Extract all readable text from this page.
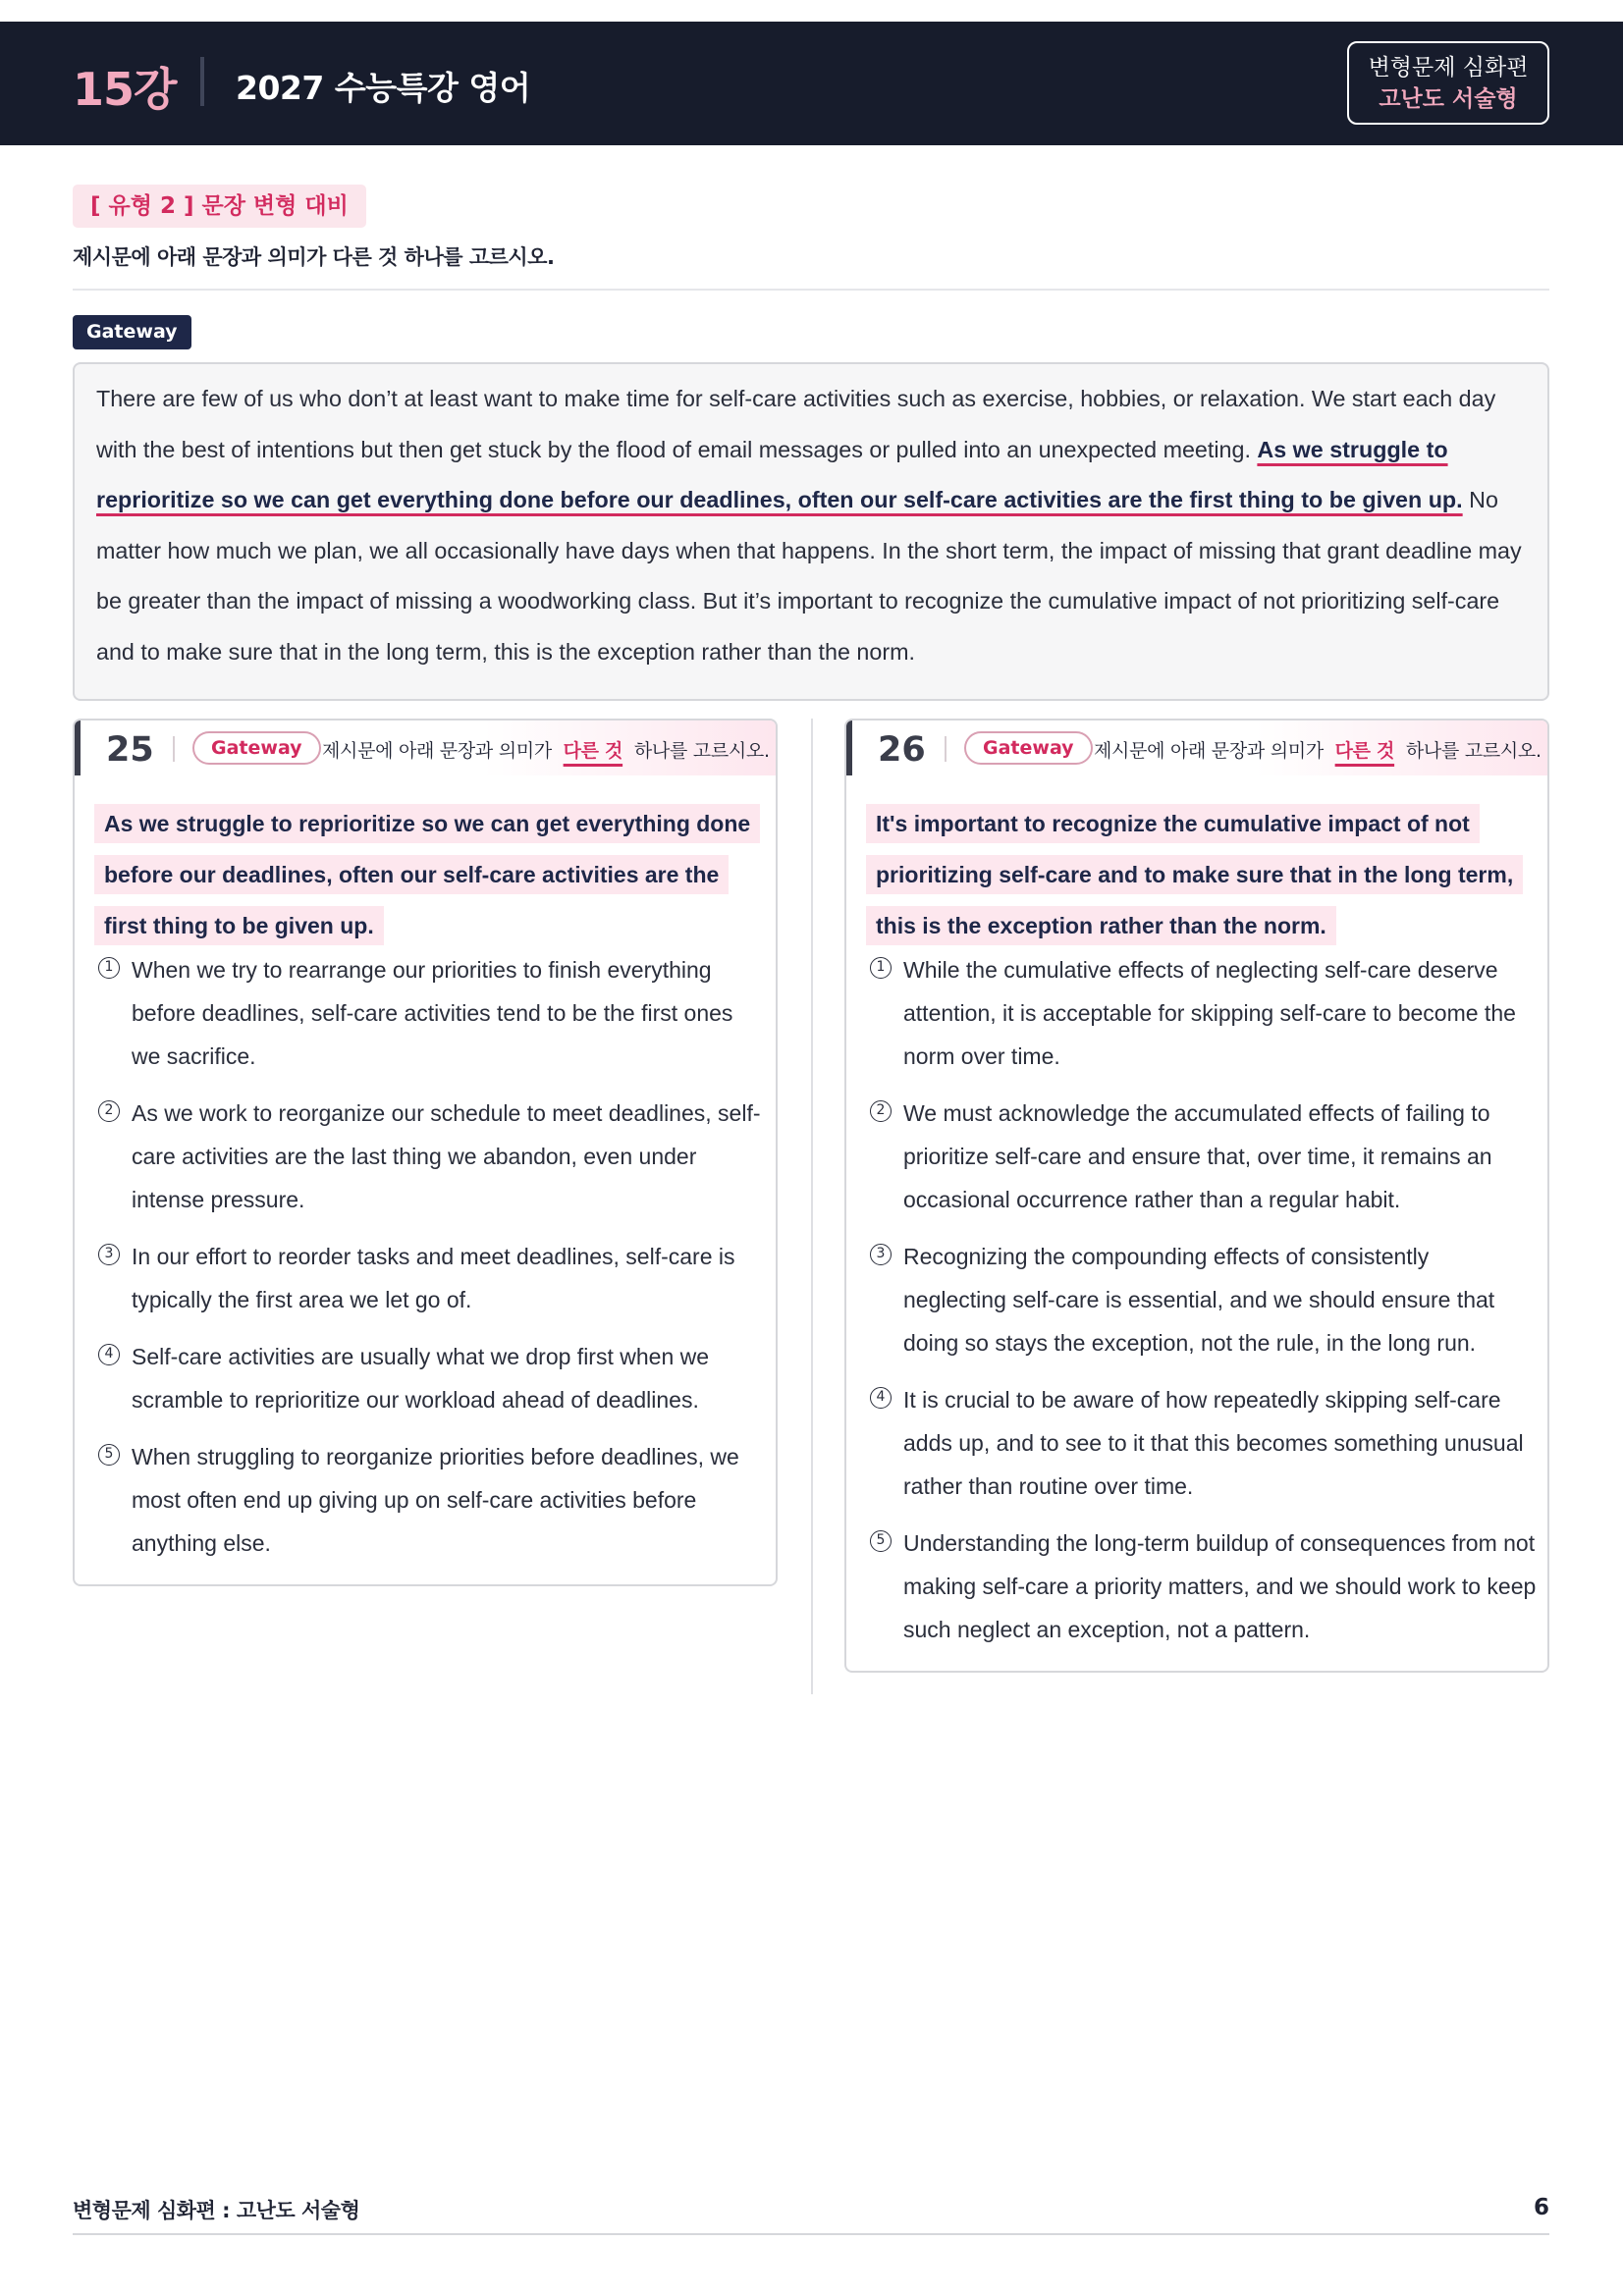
15강 2027 수능특강 영어
변형문제 심화편
고난도 서술형
[ 유형 2 ] 문장 변형 대비
제시문에 아래 문장과 의미가 다른 것 하나를 고르시오.
Gateway

There are few of us who don’t at least want to make time for self-care activities such as exercise, hobbies, or relaxation. We start each day with the best of intentions but then get stuck by the flood of email messages or pulled into an unexpected meeting. As we struggle to reprioritize so we can get everything done before our deadlines, often our self-care activities are the first thing to be given up. No matter how much we plan, we all occasionally have days when that happens. In the short term, the impact of missing that grant deadline may be greater than the impact of missing a woodworking class. But it’s important to recognize the cumulative impact of not prioritizing self-care and to make sure that in the long term, this is the exception rather than the norm.

25	Gateway	제시문에 아래 문장과 의미가 다른 것 하나를 고르시오.
As we struggle to reprioritize so we can get everything done before our deadlines, often our self-care activities are the first thing to be given up.
1 When we try to rearrange our priorities to finish everything before deadlines, self-care activities tend to be the first ones we sacrifice.
2 As we work to reorganize our schedule to meet deadlines, self-care activities are the last thing we abandon, even under intense pressure.
3 In our effort to reorder tasks and meet deadlines, self-care is typically the first area we let go of.
4 Self-care activities are usually what we drop first when we scramble to reprioritize our workload ahead of deadlines.
5 When struggling to reorganize priorities before deadlines, we most often end up giving up on self-care activities before anything else.
26	Gateway	제시문에 아래 문장과 의미가 다른 것 하나를 고르시오.
It's important to recognize the cumulative impact of not prioritizing self-care and to make sure that in the long term, this is the exception rather than the norm.
1 While the cumulative effects of neglecting self-care deserve attention, it is acceptable for skipping self-care to become the norm over time.
2 We must acknowledge the accumulated effects of failing to prioritize self-care and ensure that, over time, it remains an occasional occurrence rather than a regular habit.
3 Recognizing the compounding effects of consistently neglecting self-care is essential, and we should ensure that doing so stays the exception, not the rule, in the long run.
4 It is crucial to be aware of how repeatedly skipping self-care adds up, and to see to it that this becomes something unusual rather than routine over time.
5 Understanding the long-term buildup of consequences from not making self-care a priority matters, and we should work to keep such neglect an exception, not a pattern.
변형문제 심화편 : 고난도 서술형	6
